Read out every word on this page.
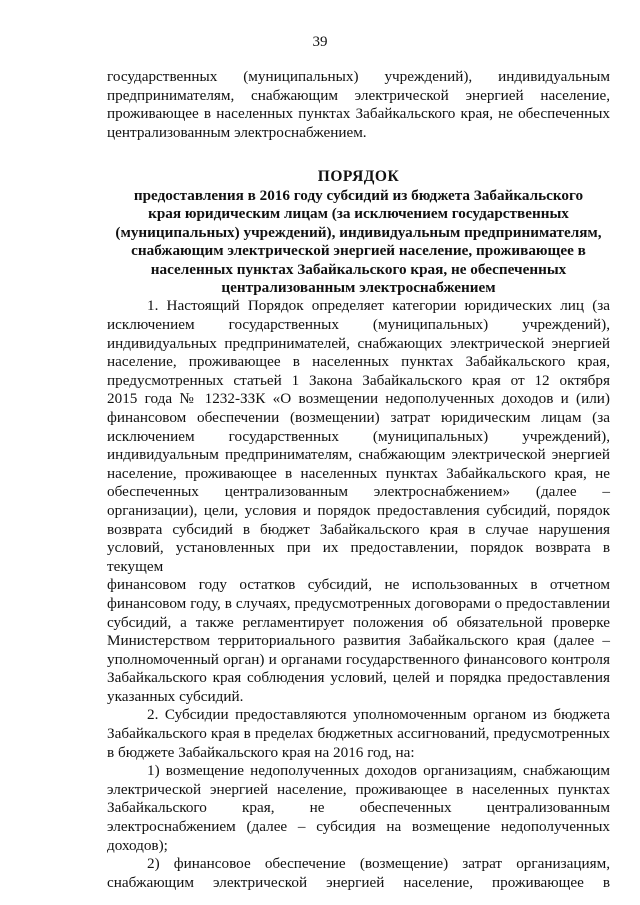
39

государственных (муниципальных) учреждений), индивидуальным

предпринимателям, снабжающим электрической энергией население,

проживающее в населенных пунктах Забайкальского края, не обеспеченных

централизованным электроснабжением.

ПОРЯДОК
предоставления в 2016 году субсидий из бюджета Забайкальского
края юридическим лицам (за исключением государственных
(муниципальных) учреждений), индивидуальным предпринимателям,
снабжающим электрической энергией население, проживающее в
населенных пунктах Забайкальского края, не обеспеченных
централизованным электроснабжением

1. Настоящий Порядок определяет категории юридических лиц (за

исключением государственных (муниципальных) учреждений),

индивидуальных предпринимателей, снабжающих электрической энергией

население, проживающее в населенных пунктах Забайкальского края,

предусмотренных статьей 1 Закона Забайкальского края от 12 октября

2015 года № 1232-ЗЗК «О возмещении недополученных доходов и (или)

финансовом обеспечении (возмещении) затрат юридическим лицам (за

исключением государственных (муниципальных) учреждений),

индивидуальным предпринимателям, снабжающим электрической энергией

население, проживающее в населенных пунктах Забайкальского края, не

обеспеченных централизованным электроснабжением» (далее –

организации), цели, условия и порядок предоставления субсидий, порядок

возврата субсидий в бюджет Забайкальского края в случае нарушения

условий, установленных при их предоставлении, порядок возврата в текущем

финансовом году остатков субсидий, не использованных в отчетном

финансовом году, в случаях, предусмотренных договорами о предоставлении

субсидий, а также регламентирует положения об обязательной проверке

Министерством территориального развития Забайкальского края (далее –

уполномоченный орган) и органами государственного финансового контроля

Забайкальского края соблюдения условий, целей и порядка предоставления

указанных субсидий.

2. Субсидии предоставляются уполномоченным органом из бюджета

Забайкальского края в пределах бюджетных ассигнований, предусмотренных

в бюджете Забайкальского края на 2016 год, на:

1) возмещение недополученных доходов организациям, снабжающим

электрической энергией население, проживающее в населенных пунктах

Забайкальского края, не обеспеченных централизованным

электроснабжением (далее – субсидия на возмещение недополученных

доходов);

2) финансовое обеспечение (возмещение) затрат организациям,

снабжающим электрической энергией население, проживающее в
